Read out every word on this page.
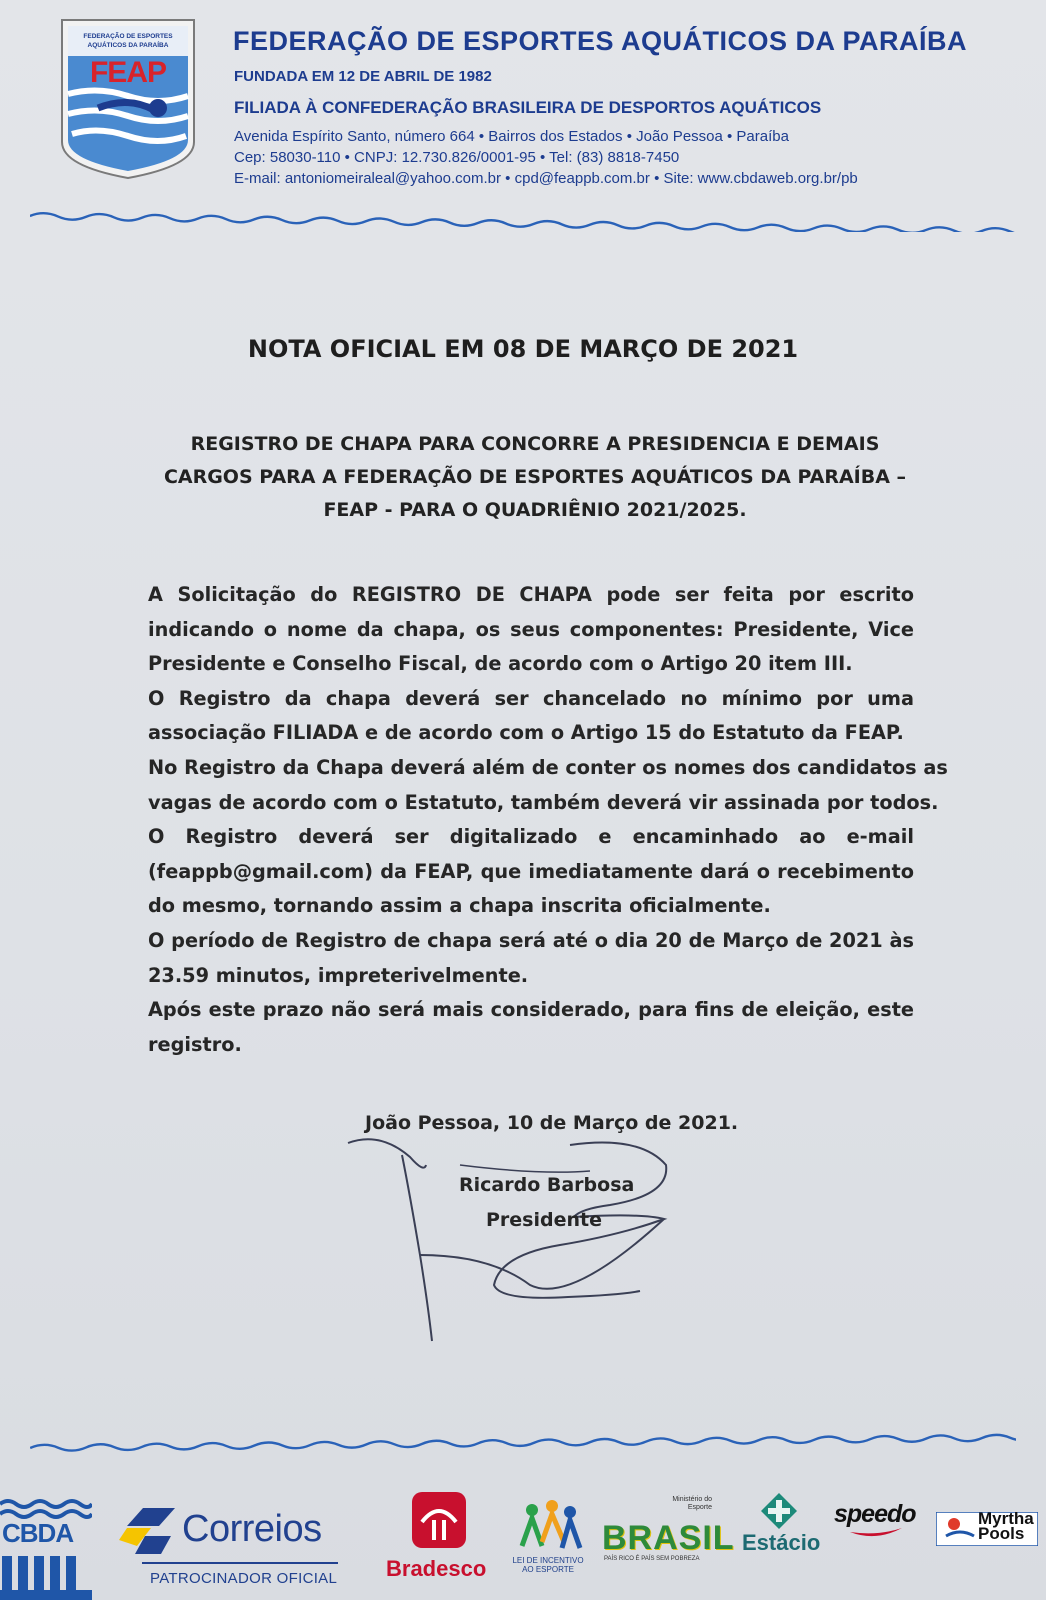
FEDERAÇÃO DE ESPORTES
AQUÁTICOS DA PARAÍBA
FEAP
FEDERAÇÃO DE ESPORTES AQUÁTICOS DA PARAÍBA
FUNDADA EM 12 DE ABRIL DE 1982
FILIADA À CONFEDERAÇÃO BRASILEIRA DE DESPORTOS AQUÁTICOS
Avenida Espírito Santo, número 664 • Bairros dos Estados • João Pessoa • Paraíba
Cep: 58030-110 • CNPJ: 12.730.826/0001-95 • Tel: (83) 8818-7450
E-mail: antoniomeiraleal@yahoo.com.br • cpd@feappb.com.br • Site: www.cbdaweb.org.br/pb
NOTA OFICIAL EM 08 DE MARÇO DE 2021
REGISTRO DE CHAPA PARA CONCORRE A PRESIDENCIA E DEMAIS
CARGOS PARA A FEDERAÇÃO DE ESPORTES AQUÁTICOS DA PARAÍBA –
FEAP - PARA O QUADRIÊNIO 2021/2025.
A Solicitação do REGISTRO DE CHAPA pode ser feita por escrito
indicando o nome da chapa, os seus componentes: Presidente, Vice
Presidente e Conselho Fiscal, de acordo com o Artigo 20 item III.
O Registro da chapa deverá ser chancelado no mínimo por uma
associação FILIADA e de acordo com o Artigo 15 do Estatuto da FEAP.
No Registro da Chapa deverá além de conter os nomes dos candidatos as
vagas de acordo com o Estatuto, também deverá vir assinada por todos.
O Registro deverá ser digitalizado e encaminhado ao e-mail
(feappb@gmail.com) da FEAP, que imediatamente dará o recebimento
do mesmo, tornando assim a chapa inscrita oficialmente.
O período de Registro de chapa será até o dia 20 de Março de 2021 às
23.59 minutos, impreterivelmente.
Após este prazo não será mais considerado, para fins de eleição, este
registro.
João Pessoa, 10 de Março de 2021.
Ricardo Barbosa
Presidente
CBDA	Correios
PATROCINADOR OFICIAL Bradesco	LEI DE INCENTIVO AO ESPORTE
Ministério do Esporte
BRASIL
PAÍS RICO É PAÍS SEM POBREZA
Estácio
speedo	Myrtha Pools
